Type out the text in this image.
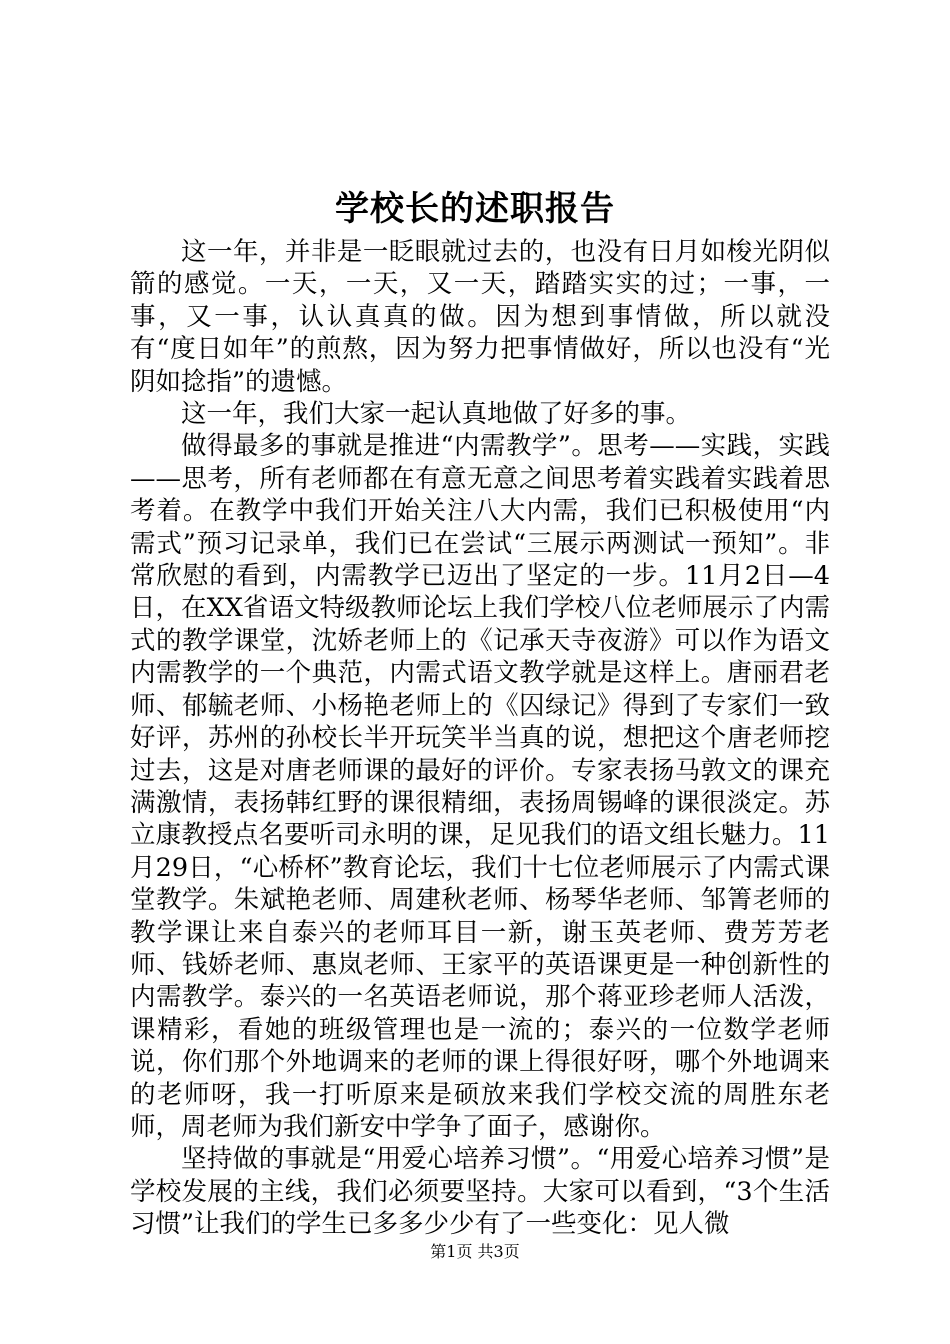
学校长的述职报告

这一年，并非是一眨眼就过去的，也没有日月如梭光阴似箭的感觉。一天，一天，又一天，踏踏实实的过；一事，一事，又一事，认认真真的做。因为想到事情做，所以就没有“度日如年”的煎熬，因为努力把事情做好，所以也没有“光阴如捻指”的遗憾。

这一年，我们大家一起认真地做了好多的事。

做得最多的事就是推进“内需教学”。思考——实践，实践——思考，所有老师都在有意无意之间思考着实践着实践着思考着。在教学中我们开始关注八大内需，我们已积极使用“内需式”预习记录单，我们已在尝试“三展示两测试一预知”。非常欣慰的看到，内需教学已迈出了坚定的一步。11月2日—4日，在XX省语文特级教师论坛上我们学校八位老师展示了内需式的教学课堂，沈娇老师上的《记承天寺夜游》可以作为语文内需教学的一个典范，内需式语文教学就是这样上。唐丽君老师、郁毓老师、小杨艳老师上的《囚绿记》得到了专家们一致好评，苏州的孙校长半开玩笑半当真的说，想把这个唐老师挖过去，这是对唐老师课的最好的评价。专家表扬马敦文的课充满激情，表扬韩红野的课很精细，表扬周锡峰的课很淡定。苏立康教授点名要听司永明的课，足见我们的语文组长魅力。11月29日，“心桥杯”教育论坛，我们十七位老师展示了内需式课堂教学。朱斌艳老师、周建秋老师、杨琴华老师、邹箐老师的教学课让来自泰兴的老师耳目一新，谢玉英老师、费芳芳老师、钱娇老师、惠岚老师、王家平的英语课更是一种创新性的内需教学。泰兴的一名英语老师说，那个蒋亚珍老师人活泼，课精彩，看她的班级管理也是一流的；泰兴的一位数学老师说，你们那个外地调来的老师的课上得很好呀，哪个外地调来的老师呀，我一打听原来是硕放来我们学校交流的周胜东老师，周老师为我们新安中学争了面子，感谢你。

坚持做的事就是“用爱心培养习惯”。“用爱心培养习惯”是学校发展的主线，我们必须要坚持。大家可以看到，“3个生活习惯”让我们的学生已多多少少有了一些变化：见人微

第1页 共3页
